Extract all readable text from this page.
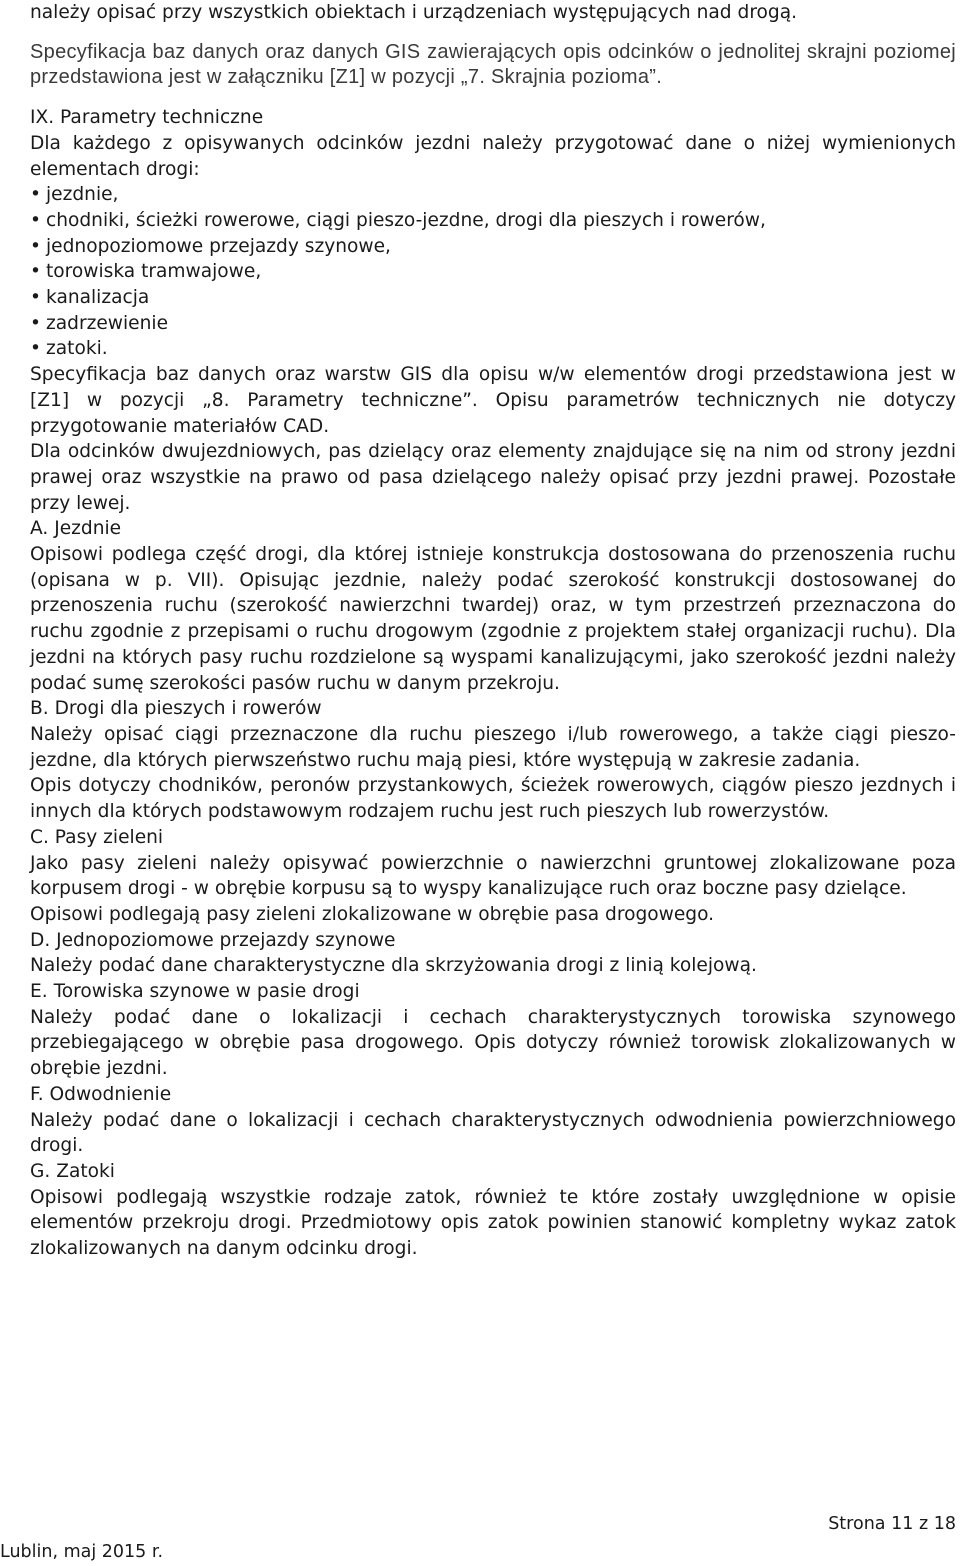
należy opisać przy wszystkich obiektach i urządzeniach występujących nad drogą.

Specyfikacja baz danych oraz danych GIS zawierających opis odcinków o jednolitej skrajni poziomej przedstawiona jest w załączniku [Z1] w pozycji „7. Skrajnia pozioma”.

IX. Parametry techniczne

Dla każdego z opisywanych odcinków jezdni należy przygotować dane o niżej wymienionych elementach drogi:

• jezdnie,
• chodniki, ścieżki rowerowe, ciągi pieszo-jezdne, drogi dla pieszych i rowerów,
• jednopoziomowe przejazdy szynowe,
• torowiska tramwajowe,
• kanalizacja
• zadrzewienie
• zatoki.

Specyfikacja baz danych oraz warstw GIS dla opisu w/w elementów drogi przedstawiona jest w [Z1] w pozycji „8. Parametry techniczne”. Opisu parametrów technicznych nie dotyczy przygotowanie materiałów CAD.

Dla odcinków dwujezdniowych, pas dzielący oraz elementy znajdujące się na nim od strony jezdni prawej oraz wszystkie na prawo od pasa dzielącego należy opisać przy jezdni prawej. Pozostałe przy lewej.

A. Jezdnie

Opisowi podlega część drogi, dla której istnieje konstrukcja dostosowana do przenoszenia ruchu (opisana w p. VII). Opisując jezdnie, należy podać szerokość konstrukcji dostosowanej do przenoszenia ruchu (szerokość nawierzchni twardej) oraz, w tym przestrzeń przeznaczona do ruchu zgodnie z przepisami o ruchu drogowym (zgodnie z projektem stałej organizacji ruchu). Dla jezdni na których pasy ruchu rozdzielone są wyspami kanalizującymi, jako szerokość jezdni należy podać sumę szerokości pasów ruchu w danym przekroju.

B. Drogi dla pieszych i rowerów

Należy opisać ciągi przeznaczone dla ruchu pieszego i/lub rowerowego, a także ciągi pieszo-jezdne, dla których pierwszeństwo ruchu mają piesi, które występują w zakresie zadania.

Opis dotyczy chodników, peronów przystankowych, ścieżek rowerowych, ciągów pieszo jezdnych i innych dla których podstawowym rodzajem ruchu jest ruch pieszych lub rowerzystów.

C. Pasy zieleni

Jako pasy zieleni należy opisywać powierzchnie o nawierzchni gruntowej zlokalizowane poza korpusem drogi - w obrębie korpusu są to wyspy kanalizujące ruch oraz boczne pasy dzielące.

Opisowi podlegają pasy zieleni zlokalizowane w obrębie pasa drogowego.

D. Jednopoziomowe przejazdy szynowe

Należy podać dane charakterystyczne dla skrzyżowania drogi z linią kolejową.

E. Torowiska szynowe w pasie drogi

Należy podać dane o lokalizacji i cechach charakterystycznych torowiska szynowego przebiegającego w obrębie pasa drogowego. Opis dotyczy również torowisk zlokalizowanych w obrębie jezdni.

F. Odwodnienie

Należy podać dane o lokalizacji i cechach charakterystycznych odwodnienia powierzchniowego drogi.

G. Zatoki

Opisowi podlegają wszystkie rodzaje zatok, również te które zostały uwzględnione w opisie elementów przekroju drogi. Przedmiotowy opis zatok powinien stanowić kompletny wykaz zatok zlokalizowanych na danym odcinku drogi.

Strona 11 z 18
Lublin, maj 2015 r.
